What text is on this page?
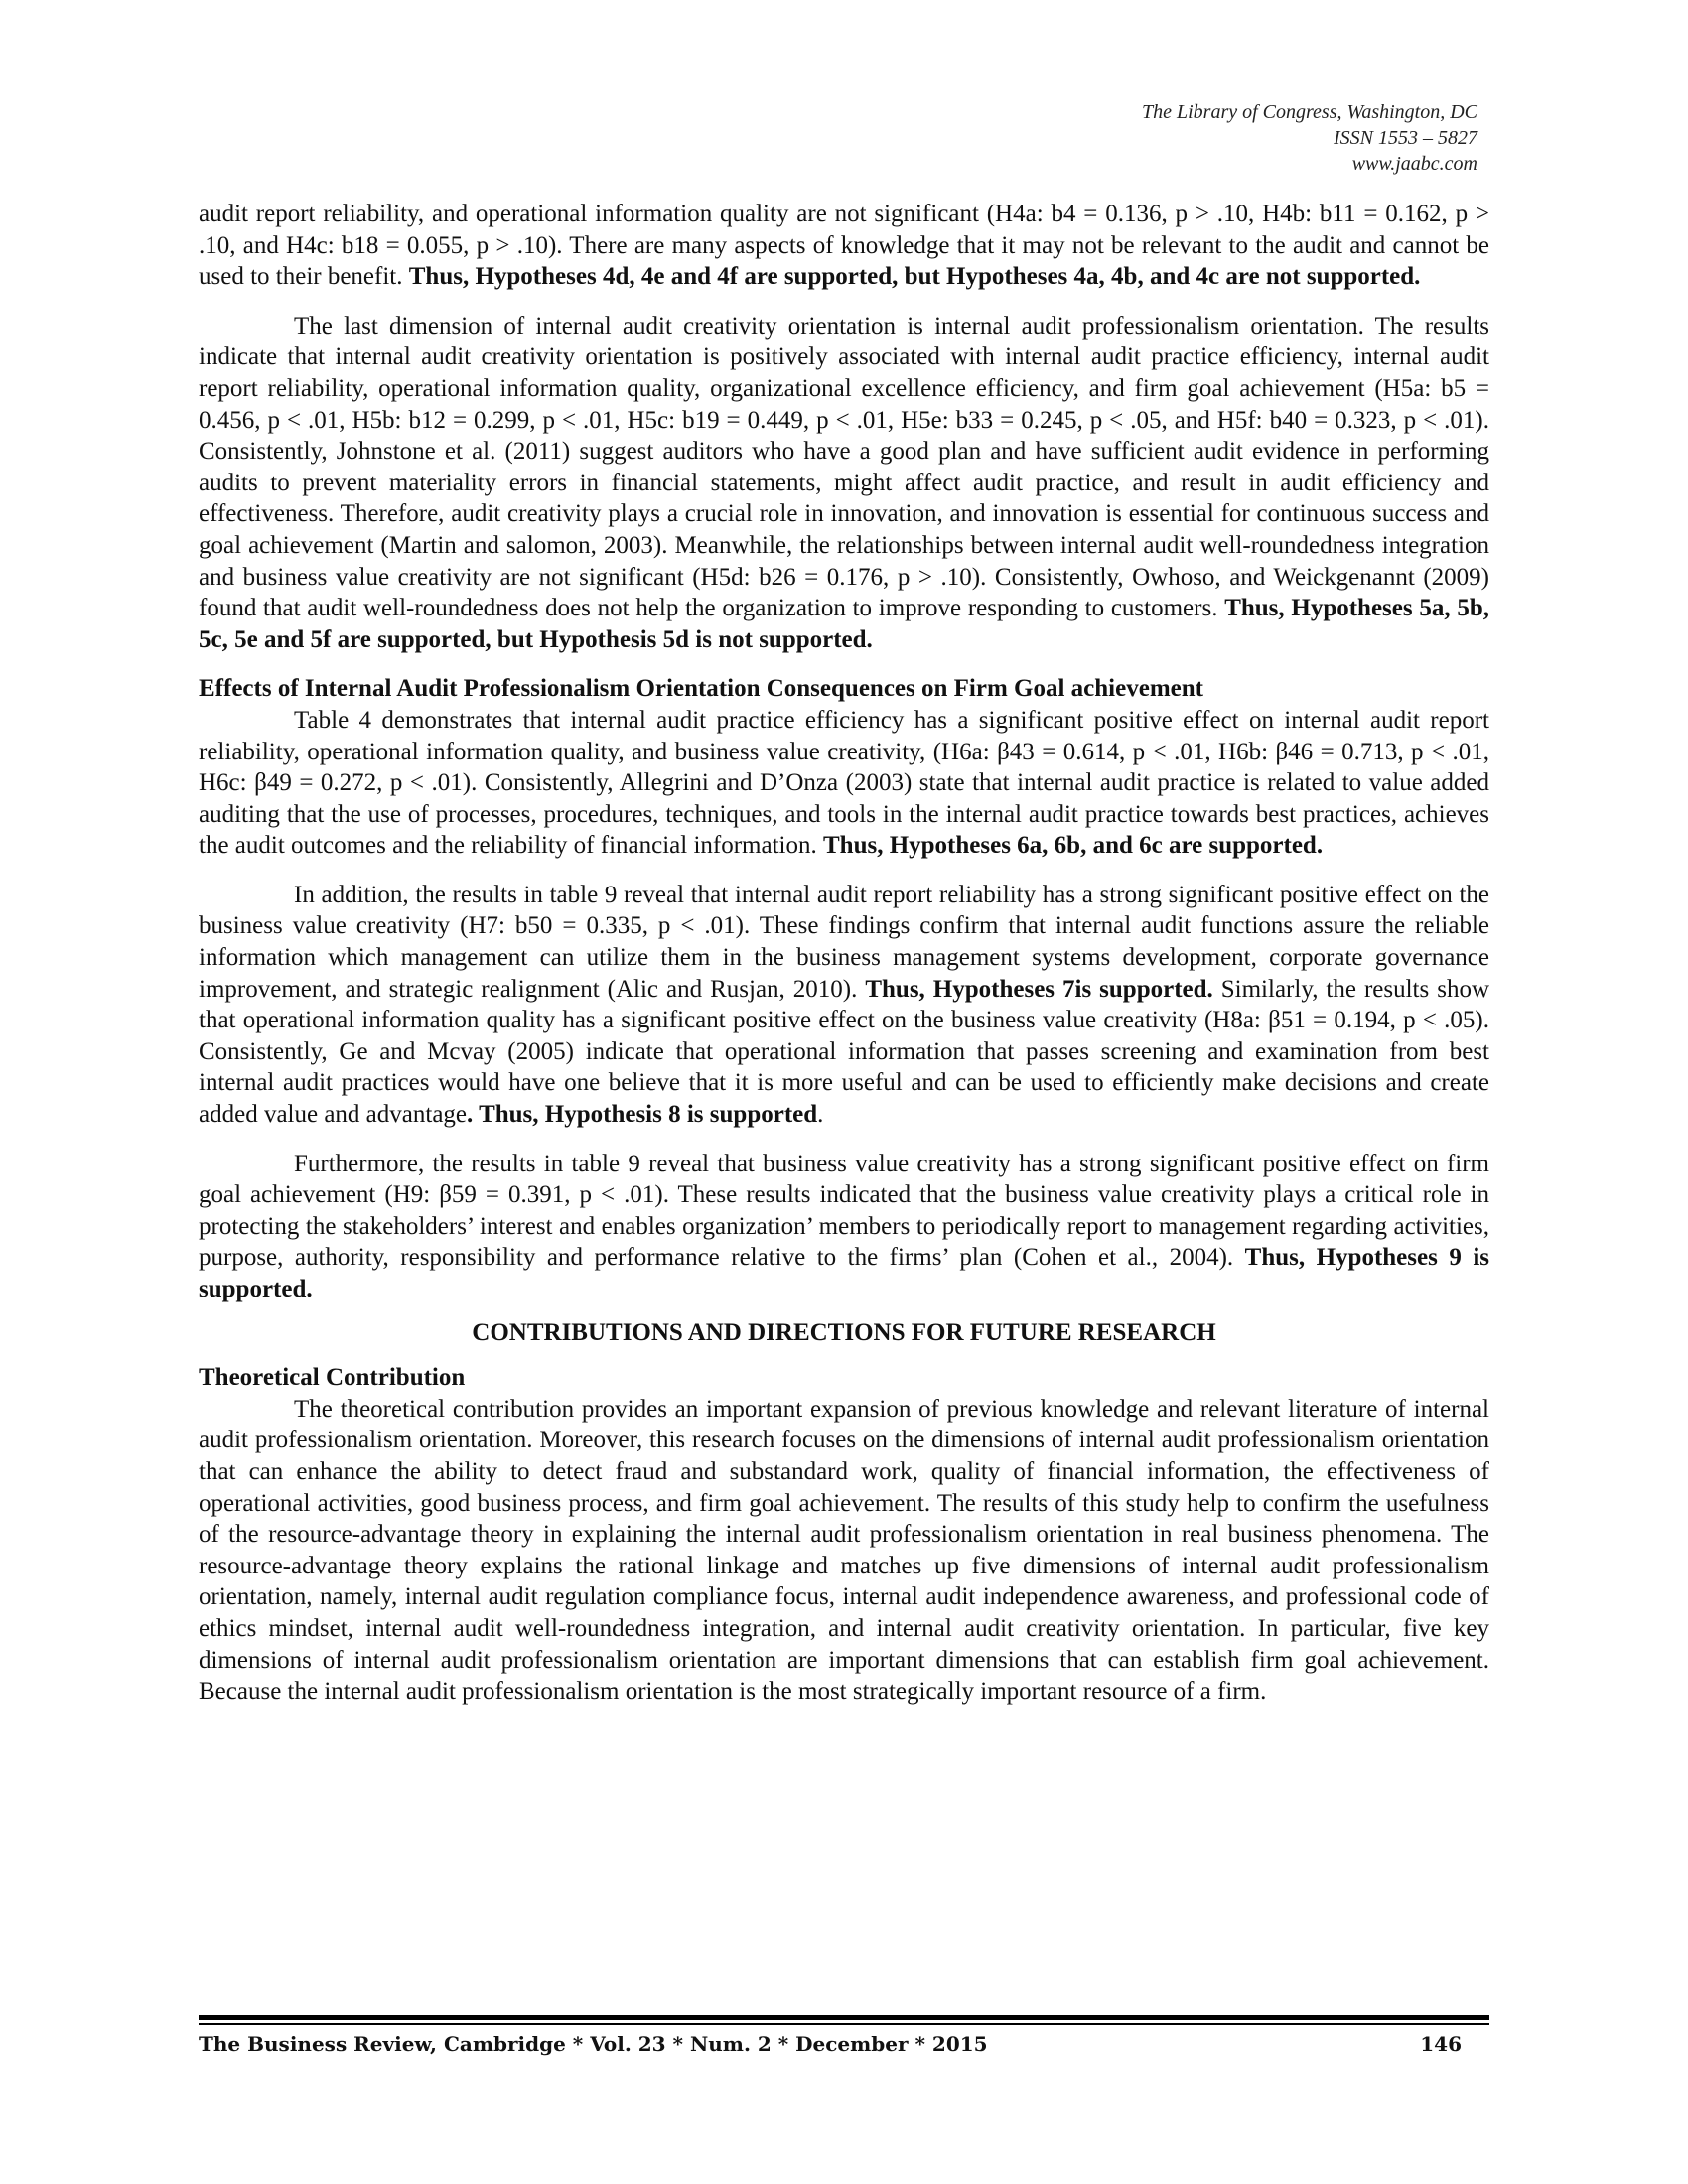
The Library of Congress, Washington, DC
ISSN 1553 – 5827
www.jaabc.com

audit report reliability, and operational information quality are not significant (H4a: b4 = 0.136, p > .10, H4b: b11 = 0.162, p > .10, and H4c: b18 = 0.055, p > .10). There are many aspects of knowledge that it may not be relevant to the audit and cannot be used to their benefit. Thus, Hypotheses 4d, 4e and 4f are supported, but Hypotheses 4a, 4b, and 4c are not supported.

The last dimension of internal audit creativity orientation is internal audit professionalism orientation. The results indicate that internal audit creativity orientation is positively associated with internal audit practice efficiency, internal audit report reliability, operational information quality, organizational excellence efficiency, and firm goal achievement (H5a: b5 = 0.456, p < .01, H5b: b12 = 0.299, p < .01, H5c: b19 = 0.449, p < .01, H5e: b33 = 0.245, p < .05, and H5f: b40 = 0.323, p < .01). Consistently, Johnstone et al. (2011) suggest auditors who have a good plan and have sufficient audit evidence in performing audits to prevent materiality errors in financial statements, might affect audit practice, and result in audit efficiency and effectiveness. Therefore, audit creativity plays a crucial role in innovation, and innovation is essential for continuous success and goal achievement (Martin and salomon, 2003). Meanwhile, the relationships between internal audit well-roundedness integration and business value creativity are not significant (H5d: b26 = 0.176, p > .10). Consistently, Owhoso, and Weickgenannt (2009) found that audit well-roundedness does not help the organization to improve responding to customers. Thus, Hypotheses 5a, 5b, 5c, 5e and 5f are supported, but Hypothesis 5d is not supported.

Effects of Internal Audit Professionalism Orientation Consequences on Firm Goal achievement

Table 4 demonstrates that internal audit practice efficiency has a significant positive effect on internal audit report reliability, operational information quality, and business value creativity, (H6a: β43 = 0.614, p < .01, H6b: β46 = 0.713, p < .01, H6c: β49 = 0.272, p < .01). Consistently, Allegrini and D’Onza (2003) state that internal audit practice is related to value added auditing that the use of processes, procedures, techniques, and tools in the internal audit practice towards best practices, achieves the audit outcomes and the reliability of financial information. Thus, Hypotheses 6a, 6b, and 6c are supported.

In addition, the results in table 9 reveal that internal audit report reliability has a strong significant positive effect on the business value creativity (H7: b50 = 0.335, p < .01). These findings confirm that internal audit functions assure the reliable information which management can utilize them in the business management systems development, corporate governance improvement, and strategic realignment (Alic and Rusjan, 2010). Thus, Hypotheses 7is supported. Similarly, the results show that operational information quality has a significant positive effect on the business value creativity (H8a: β51 = 0.194, p < .05). Consistently, Ge and Mcvay (2005) indicate that operational information that passes screening and examination from best internal audit practices would have one believe that it is more useful and can be used to efficiently make decisions and create added value and advantage. Thus, Hypothesis 8 is supported.

Furthermore, the results in table 9 reveal that business value creativity has a strong significant positive effect on firm goal achievement (H9: β59 = 0.391, p < .01). These results indicated that the business value creativity plays a critical role in protecting the stakeholders’ interest and enables organization’ members to periodically report to management regarding activities, purpose, authority, responsibility and performance relative to the firms’ plan (Cohen et al., 2004). Thus, Hypotheses 9 is supported.

CONTRIBUTIONS AND DIRECTIONS FOR FUTURE RESEARCH

Theoretical Contribution

The theoretical contribution provides an important expansion of previous knowledge and relevant literature of internal audit professionalism orientation. Moreover, this research focuses on the dimensions of internal audit professionalism orientation that can enhance the ability to detect fraud and substandard work, quality of financial information, the effectiveness of operational activities, good business process, and firm goal achievement. The results of this study help to confirm the usefulness of the resource-advantage theory in explaining the internal audit professionalism orientation in real business phenomena. The resource-advantage theory explains the rational linkage and matches up five dimensions of internal audit professionalism orientation, namely, internal audit regulation compliance focus, internal audit independence awareness, and professional code of ethics mindset, internal audit well-roundedness integration, and internal audit creativity orientation. In particular, five key dimensions of internal audit professionalism orientation are important dimensions that can establish firm goal achievement. Because the internal audit professionalism orientation is the most strategically important resource of a firm.

The Business Review, Cambridge * Vol. 23 * Num. 2 * December * 2015	146
